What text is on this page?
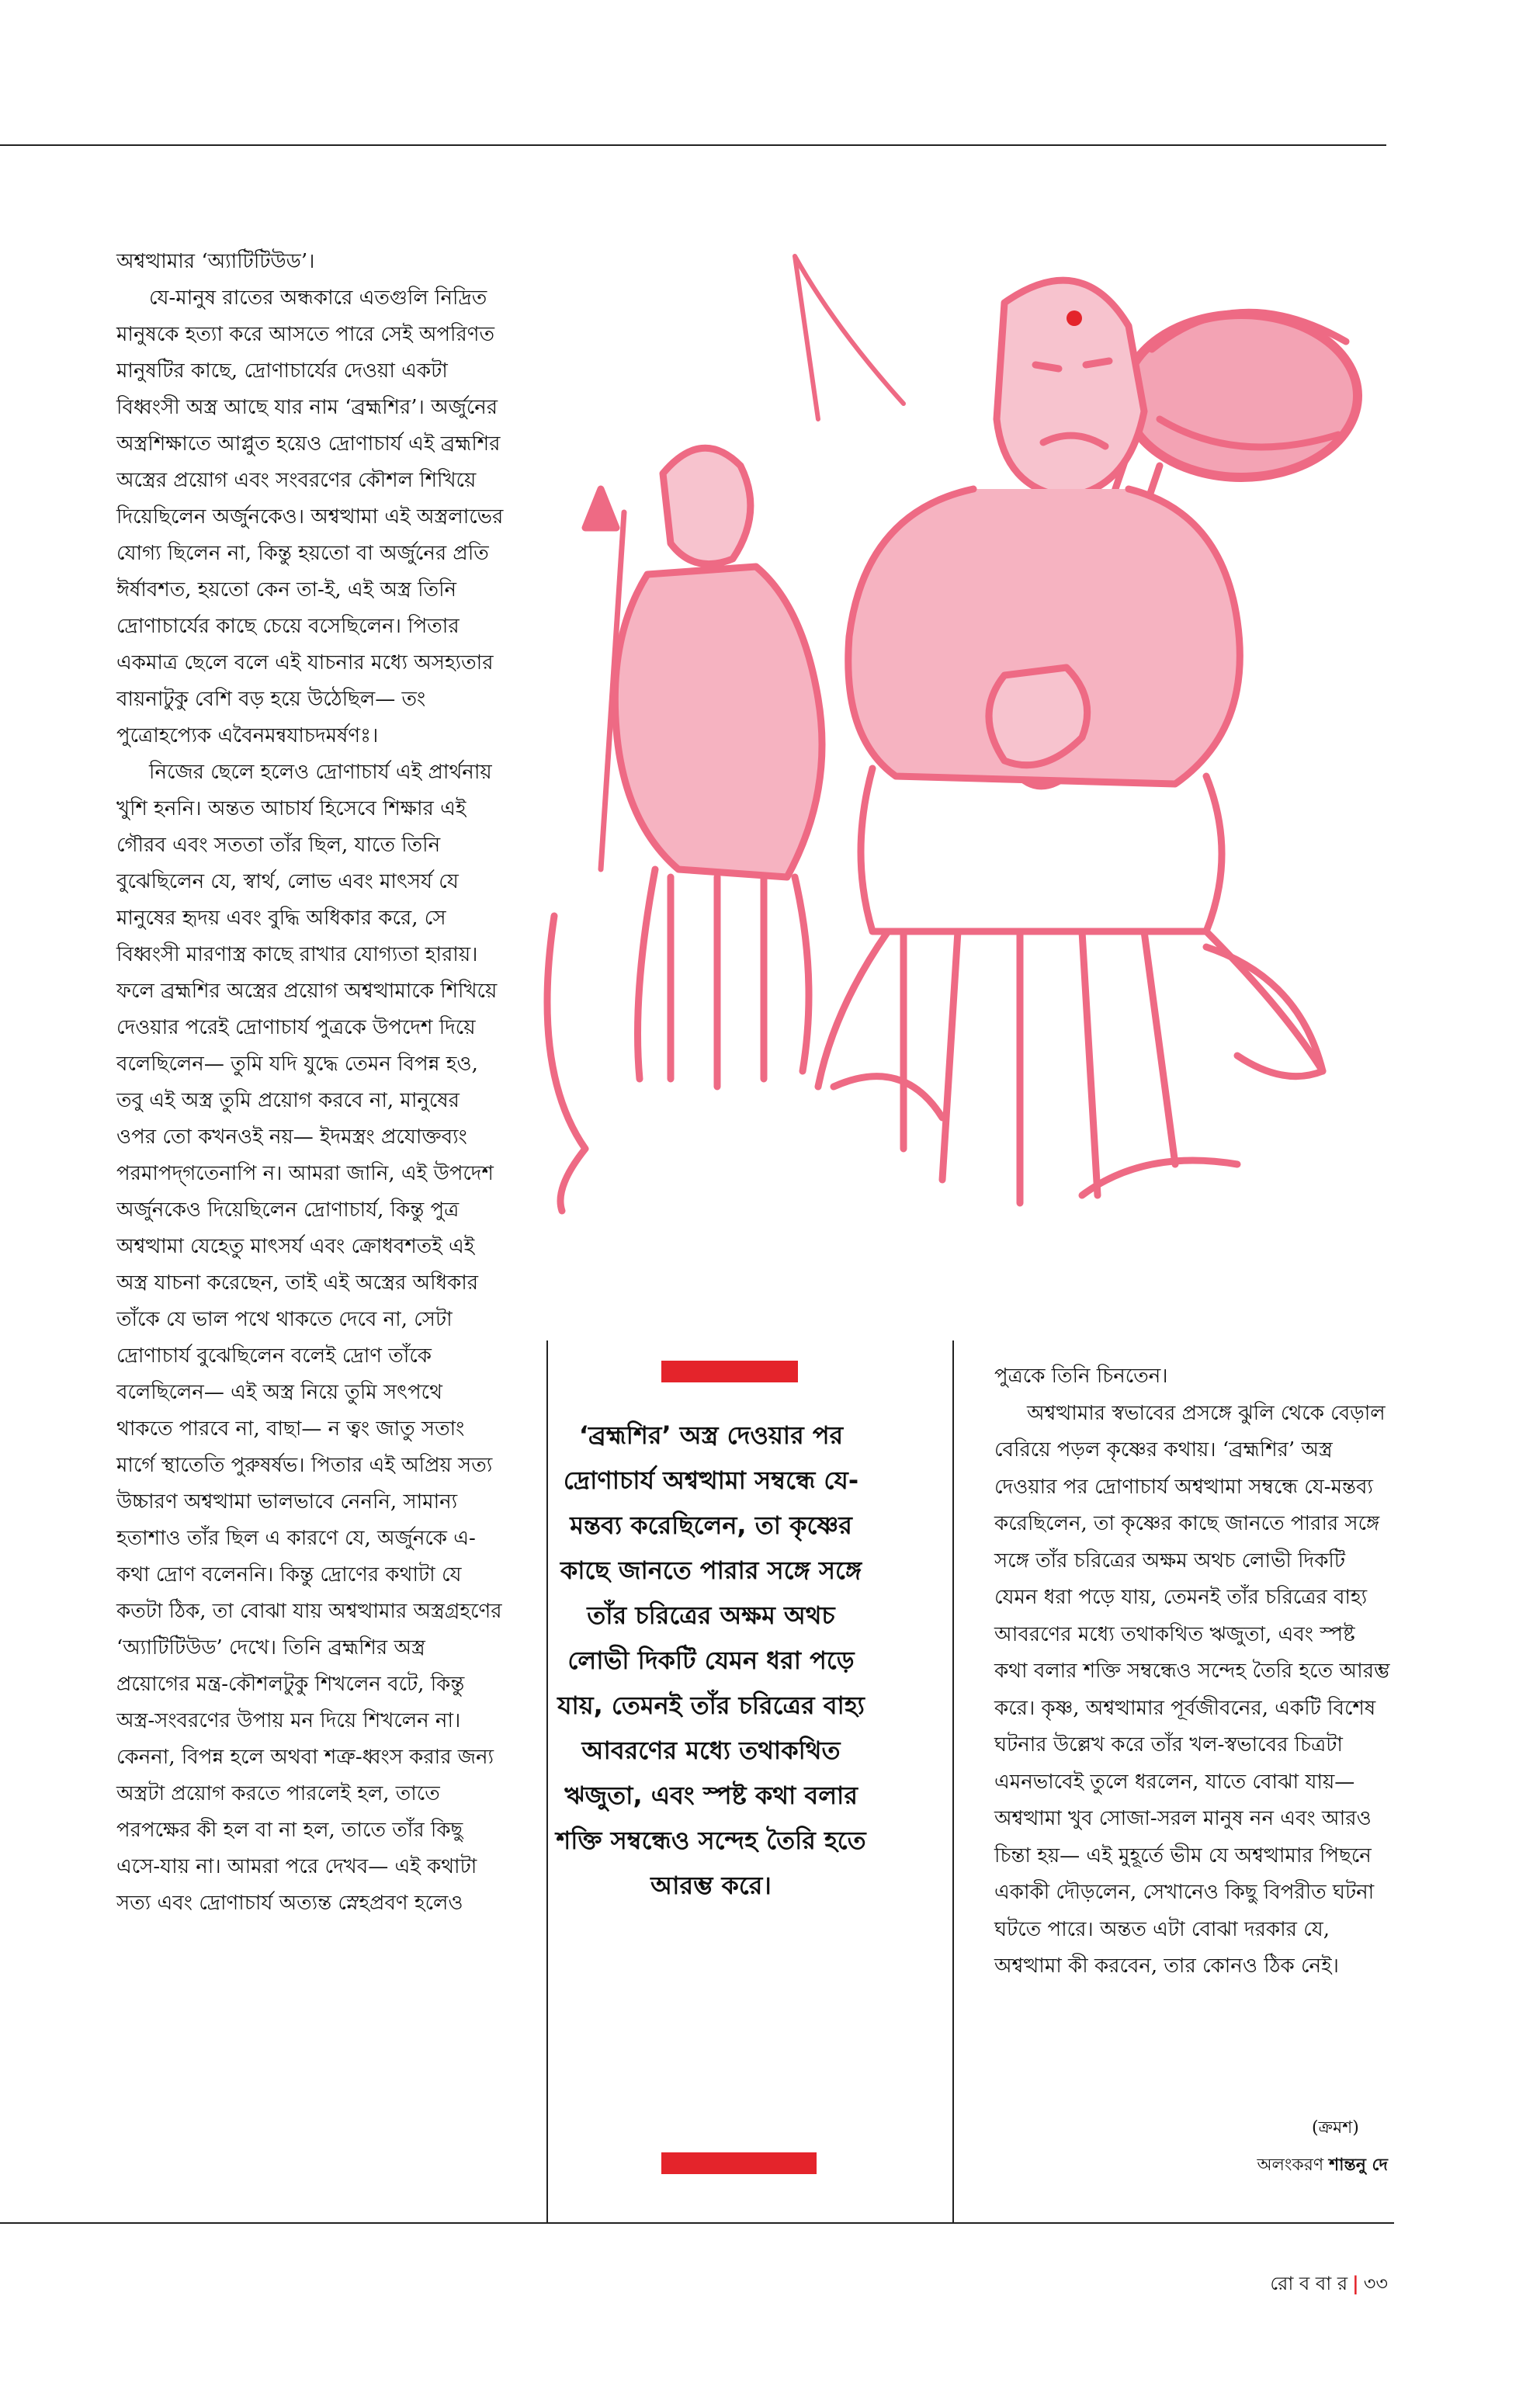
অশ্বত্থামার ‘অ্যাটিটিউড’।

যে-মানুষ রাতের অন্ধকারে এতগুলি নিদ্রিত মানুষকে হত্যা করে আসতে পারে সেই অপরিণত মানুষটির কাছে, দ্রোণাচার্যের দেওয়া একটা বিধ্বংসী অস্ত্র আছে যার নাম ‘ব্রহ্মশির’। অর্জুনের অস্ত্রশিক্ষাতে আপ্লুত হয়েও দ্রোণাচার্য এই ব্রহ্মশির অস্ত্রের প্রয়োগ এবং সংবরণের কৌশল শিখিয়ে দিয়েছিলেন অর্জুনকেও। অশ্বত্থামা এই অস্ত্রলাভের যোগ্য ছিলেন না, কিন্তু হয়তো বা অর্জুনের প্রতি ঈর্ষাবশত, হয়তো কেন তা-ই, এই অস্ত্র তিনি দ্রোণাচার্যের কাছে চেয়ে বসেছিলেন। পিতার একমাত্র ছেলে বলে এই যাচনার মধ্যে অসহ্যতার বায়নাটুকু বেশি বড় হয়ে উঠেছিল— তং পুত্রোহপ্যেক এবৈনমন্বযাচদমর্ষণঃ।

নিজের ছেলে হলেও দ্রোণাচার্য এই প্রার্থনায় খুশি হননি। অন্তত আচার্য হিসেবে শিক্ষার এই গৌরব এবং সততা তাঁর ছিল, যাতে তিনি বুঝেছিলেন যে, স্বার্থ, লোভ এবং মাৎসর্য যে মানুষের হৃদয় এবং বুদ্ধি অধিকার করে, সে বিধ্বংসী মারণাস্ত্র কাছে রাখার যোগ্যতা হারায়। ফলে ব্রহ্মশির অস্ত্রের প্রয়োগ অশ্বত্থামাকে শিখিয়ে দেওয়ার পরেই দ্রোণাচার্য পুত্রকে উপদেশ দিয়ে বলেছিলেন— তুমি যদি যুদ্ধে তেমন বিপন্ন হও, তবু এই অস্ত্র তুমি প্রয়োগ করবে না, মানুষের ওপর তো কখনওই নয়— ইদমস্ত্রং প্রযোক্তব্যং পরমাপদ্‌গতেনাপি ন। আমরা জানি, এই উপদেশ অর্জুনকেও দিয়েছিলেন দ্রোণাচার্য, কিন্তু পুত্র অশ্বত্থামা যেহেতু মাৎসর্য এবং ক্রোধবশতই এই অস্ত্র যাচনা করেছেন, তাই এই অস্ত্রের অধিকার তাঁকে যে ভাল পথে থাকতে দেবে না, সেটা দ্রোণাচার্য বুঝেছিলেন বলেই দ্রোণ তাঁকে বলেছিলেন— এই অস্ত্র নিয়ে তুমি সৎপথে থাকতে পারবে না, বাছা— ন ত্বং জাতু সতাং মার্গে স্থাতেতি পুরুষর্ষভ। পিতার এই অপ্রিয় সত্য উচ্চারণ অশ্বত্থামা ভালভাবে নেননি, সামান্য হতাশাও তাঁর ছিল এ কারণে যে, অর্জুনকে এ-কথা দ্রোণ বলেননি। কিন্তু দ্রোণের কথাটা যে কতটা ঠিক, তা বোঝা যায় অশ্বত্থামার অস্ত্রগ্রহণের ‘অ্যাটিটিউড’ দেখে। তিনি ব্রহ্মশির অস্ত্র প্রয়োগের মন্ত্র-কৌশলটুকু শিখলেন বটে, কিন্তু অস্ত্র-সংবরণের উপায় মন দিয়ে শিখলেন না। কেননা, বিপন্ন হলে অথবা শত্রু-ধ্বংস করার জন্য অস্ত্রটা প্রয়োগ করতে পারলেই হল, তাতে পরপক্ষের কী হল বা না হল, তাতে তাঁর কিছু এসে-যায় না। আমরা পরে দেখব— এই কথাটা সত্য এবং দ্রোণাচার্য অত্যন্ত স্নেহপ্রবণ হলেও

‘ব্রহ্মশির’ অস্ত্র দেওয়ার পর দ্রোণাচার্য অশ্বত্থামা সম্বন্ধে যে-মন্তব্য করেছিলেন, তা কৃষ্ণের কাছে জানতে পারার সঙ্গে সঙ্গে তাঁর চরিত্রের অক্ষম অথচ লোভী দিকটি যেমন ধরা পড়ে যায়, তেমনই তাঁর চরিত্রের বাহ্য আবরণের মধ্যে তথাকথিত ঋজুতা, এবং স্পষ্ট কথা বলার শক্তি সম্বন্ধেও সন্দেহ তৈরি হতে আরম্ভ করে।

পুত্রকে তিনি চিনতেন।

অশ্বত্থামার স্বভাবের প্রসঙ্গে ঝুলি থেকে বেড়াল বেরিয়ে পড়ল কৃষ্ণের কথায়। ‘ব্রহ্মশির’ অস্ত্র দেওয়ার পর দ্রোণাচার্য অশ্বত্থামা সম্বন্ধে যে-মন্তব্য করেছিলেন, তা কৃষ্ণের কাছে জানতে পারার সঙ্গে সঙ্গে তাঁর চরিত্রের অক্ষম অথচ লোভী দিকটি যেমন ধরা পড়ে যায়, তেমনই তাঁর চরিত্রের বাহ্য আবরণের মধ্যে তথাকথিত ঋজুতা, এবং স্পষ্ট কথা বলার শক্তি সম্বন্ধেও সন্দেহ তৈরি হতে আরম্ভ করে। কৃষ্ণ, অশ্বত্থামার পূর্বজীবনের, একটি বিশেষ ঘটনার উল্লেখ করে তাঁর খল-স্বভাবের চিত্রটা এমনভাবেই তুলে ধরলেন, যাতে বোঝা যায়— অশ্বত্থামা খুব সোজা-সরল মানুষ নন এবং আরও চিন্তা হয়— এই মুহূর্তে ভীম যে অশ্বত্থামার পিছনে একাকী দৌড়লেন, সেখানেও কিছু বিপরীত ঘটনা ঘটতে পারে। অন্তত এটা বোঝা দরকার যে, অশ্বত্থামা কী করবেন, তার কোনও ঠিক নেই।

(ক্রমশ)
অলংকরণ শান্তনু দে
রো ব বা র | ৩৩
